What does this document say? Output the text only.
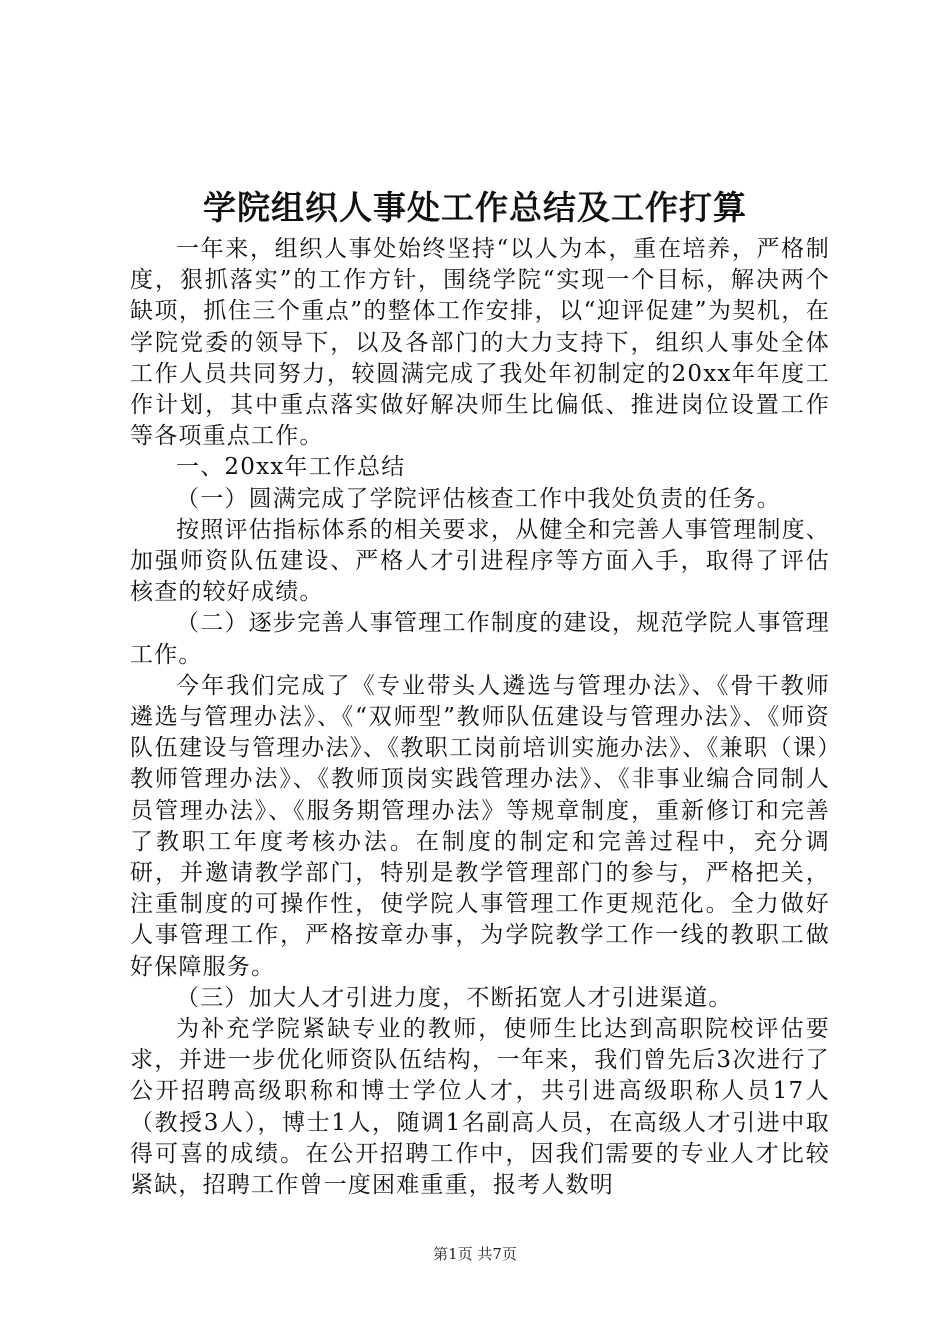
学院组织人事处工作总结及工作打算

一年来，组织人事处始终坚持“以人为本，重在培养，严格制度，狠抓落实”的工作方针，围绕学院“实现一个目标，解决两个缺项，抓住三个重点”的整体工作安排，以“迎评促建”为契机，在学院党委的领导下，以及各部门的大力支持下，组织人事处全体工作人员共同努力，较圆满完成了我处年初制定的20xx年年度工作计划，其中重点落实做好解决师生比偏低、推进岗位设置工作等各项重点工作。

一、20xx年工作总结

（一）圆满完成了学院评估核查工作中我处负责的任务。

按照评估指标体系的相关要求，从健全和完善人事管理制度、加强师资队伍建设、严格人才引进程序等方面入手，取得了评估核查的较好成绩。

（二）逐步完善人事管理工作制度的建设，规范学院人事管理工作。

今年我们完成了《专业带头人遴选与管理办法》、《骨干教师遴选与管理办法》、《“双师型”教师队伍建设与管理办法》、《师资队伍建设与管理办法》、《教职工岗前培训实施办法》、《兼职（课）教师管理办法》、《教师顶岗实践管理办法》、《非事业编合同制人员管理办法》、《服务期管理办法》等规章制度，重新修订和完善了教职工年度考核办法。在制度的制定和完善过程中，充分调研，并邀请教学部门，特别是教学管理部门的参与，严格把关，注重制度的可操作性，使学院人事管理工作更规范化。全力做好人事管理工作，严格按章办事，为学院教学工作一线的教职工做好保障服务。

（三）加大人才引进力度，不断拓宽人才引进渠道。

为补充学院紧缺专业的教师，使师生比达到高职院校评估要求，并进一步优化师资队伍结构，一年来，我们曾先后3次进行了公开招聘高级职称和博士学位人才，共引进高级职称人员17人（教授3人），博士1人，随调1名副高人员，在高级人才引进中取得可喜的成绩。在公开招聘工作中，因我们需要的专业人才比较紧缺，招聘工作曾一度困难重重，报考人数明

第1页 共7页
